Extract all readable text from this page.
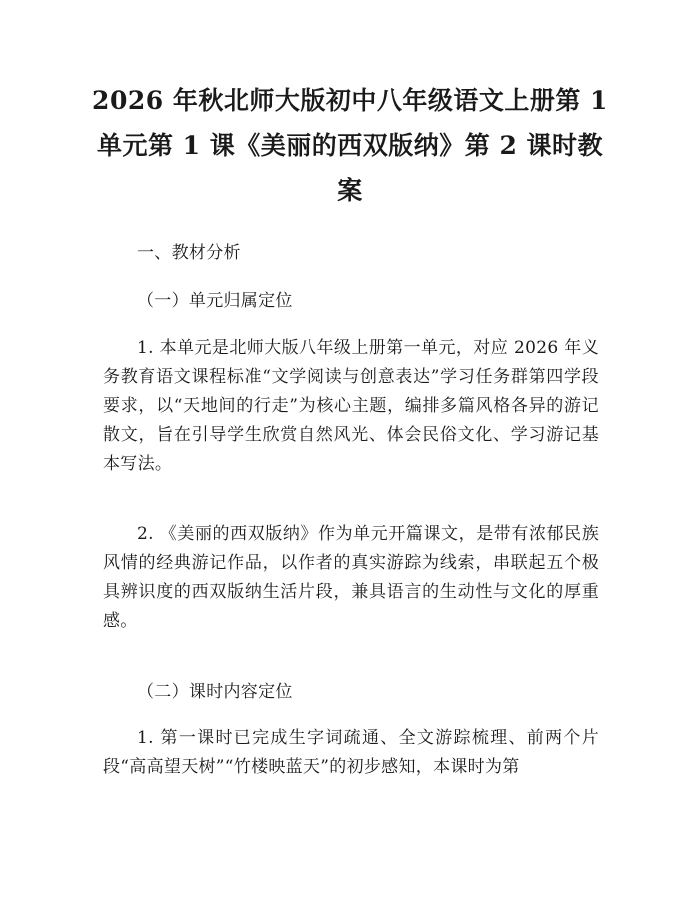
2026 年秋北师大版初中八年级语文上册第 1 单元第 1 课《美丽的西双版纳》第 2 课时教案

一、教材分析

（一）单元归属定位

1. 本单元是北师大版八年级上册第一单元，对应 2026 年义务教育语文课程标准“文学阅读与创意表达”学习任务群第四学段要求，以“天地间的行走”为核心主题，编排多篇风格各异的游记散文，旨在引导学生欣赏自然风光、体会民俗文化、学习游记基本写法。

2. 《美丽的西双版纳》作为单元开篇课文，是带有浓郁民族风情的经典游记作品，以作者的真实游踪为线索，串联起五个极具辨识度的西双版纳生活片段，兼具语言的生动性与文化的厚重感。

（二）课时内容定位

1. 第一课时已完成生字词疏通、全文游踪梳理、前两个片段“高高望天树”“竹楼映蓝天”的初步感知，本课时为第
